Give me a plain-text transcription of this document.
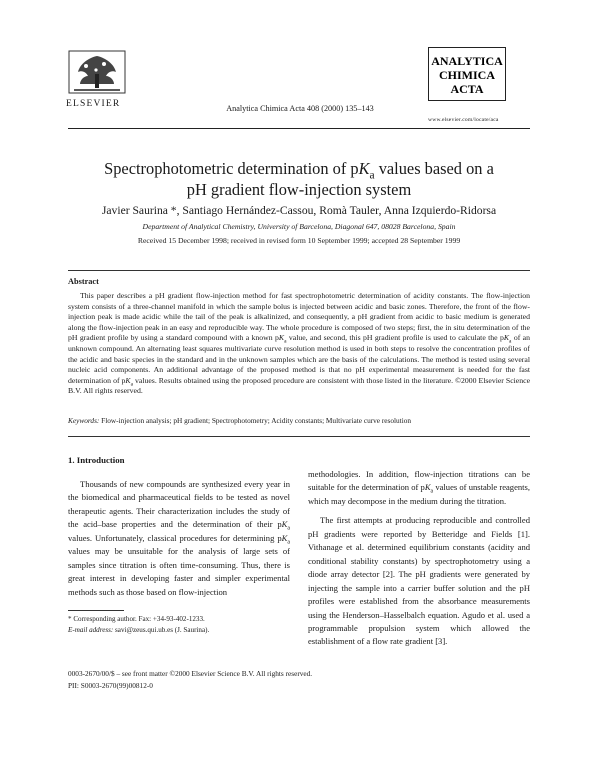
ELSEVIER	Analytica Chimica Acta 408 (2000) 135–143
ANALYTICA
CHIMICA
ACTA
www.elsevier.com/locate/aca
Spectrophotometric determination of $pK_a$ values based on a
pH gradient flow-injection system
Javier Saurina *, Santiago Hernández-Cassou, Romà Tauler, Anna Izquierdo-Ridorsa
Department of Analytical Chemistry, University of Barcelona, Diagonal 647, 08028 Barcelona, Spain
Received 15 December 1998; received in revised form 10 September 1999; accepted 28 September 1999
Abstract
This paper describes a pH gradient flow-injection method for fast spectrophotometric determination of acidity constants. The flow-injection system consists of a three-channel manifold in which the sample bolus is injected between acidic and basic zones. Therefore, the front of the flow-injection peak is made acidic while the tail of the peak is alkalinized, and consequently, a pH gradient from acidic to basic medium is generated along the flow-injection peak in an easy and reproducible way. The whole procedure is composed of two steps; first, the in situ determination of the pH gradient profile by using a standard compound with a known $pK_a$ value, and second, this pH gradient profile is used to calculate the $pK_a$ of an unknown compound. An alternating least squares multivariate curve resolution method is used in both steps to resolve the concentration profiles of the acidic and basic species in the standard and in the unknown samples which are the basis of the calculations. The method is tested using several nucleic acid components. An additional advantage of the proposed method is that no pH experimental measurement is needed for the fast determination of $pK_a$ values. Results obtained using the proposed procedure are consistent with those listed in the literature. ©2000 Elsevier Science B.V. All rights reserved.
Keywords: Flow-injection analysis; pH gradient; Spectrophotometry; Acidity constants; Multivariate curve resolution
1. Introduction
Thousands of new compounds are synthesized every year in the biomedical and pharmaceutical fields to be tested as novel therapeutic agents. Their characterization includes the study of the acid–base properties and the determination of their $pK_a$ values. Unfortunately, classical procedures for determining $pK_a$ values may be unsuitable for the analysis of large sets of samples since titration is often time-consuming. Thus, there is great interest in developing faster and simpler experimental methods such as those based on flow-injection

methodologies. In addition, flow-injection titrations can be suitable for the determination of $pK_a$ values of unstable reagents, which may decompose in the medium during the titration.

The first attempts at producing reproducible and controlled pH gradients were reported by Betteridge and Fields [1]. Vithanage et al. determined equilibrium constants (acidity and conditional stability constants) by spectrophotometry using a diode array detector [2]. The pH gradients were generated by injecting the sample into a carrier buffer solution and the pH profiles were established from the absorbance measurements using the Henderson–Hasselbalch equation. Agudo et al. used a programmable propulsion system which allowed the establishment of a flow rate gradient [3].

* Corresponding author. Fax: +34-93-402-1233.
E-mail address: savi@zeus.qui.ub.es (J. Saurina).
0003-2670/00/$ – see front matter ©2000 Elsevier Science B.V. All rights reserved.
PII: S0003-2670(99)00812-0
